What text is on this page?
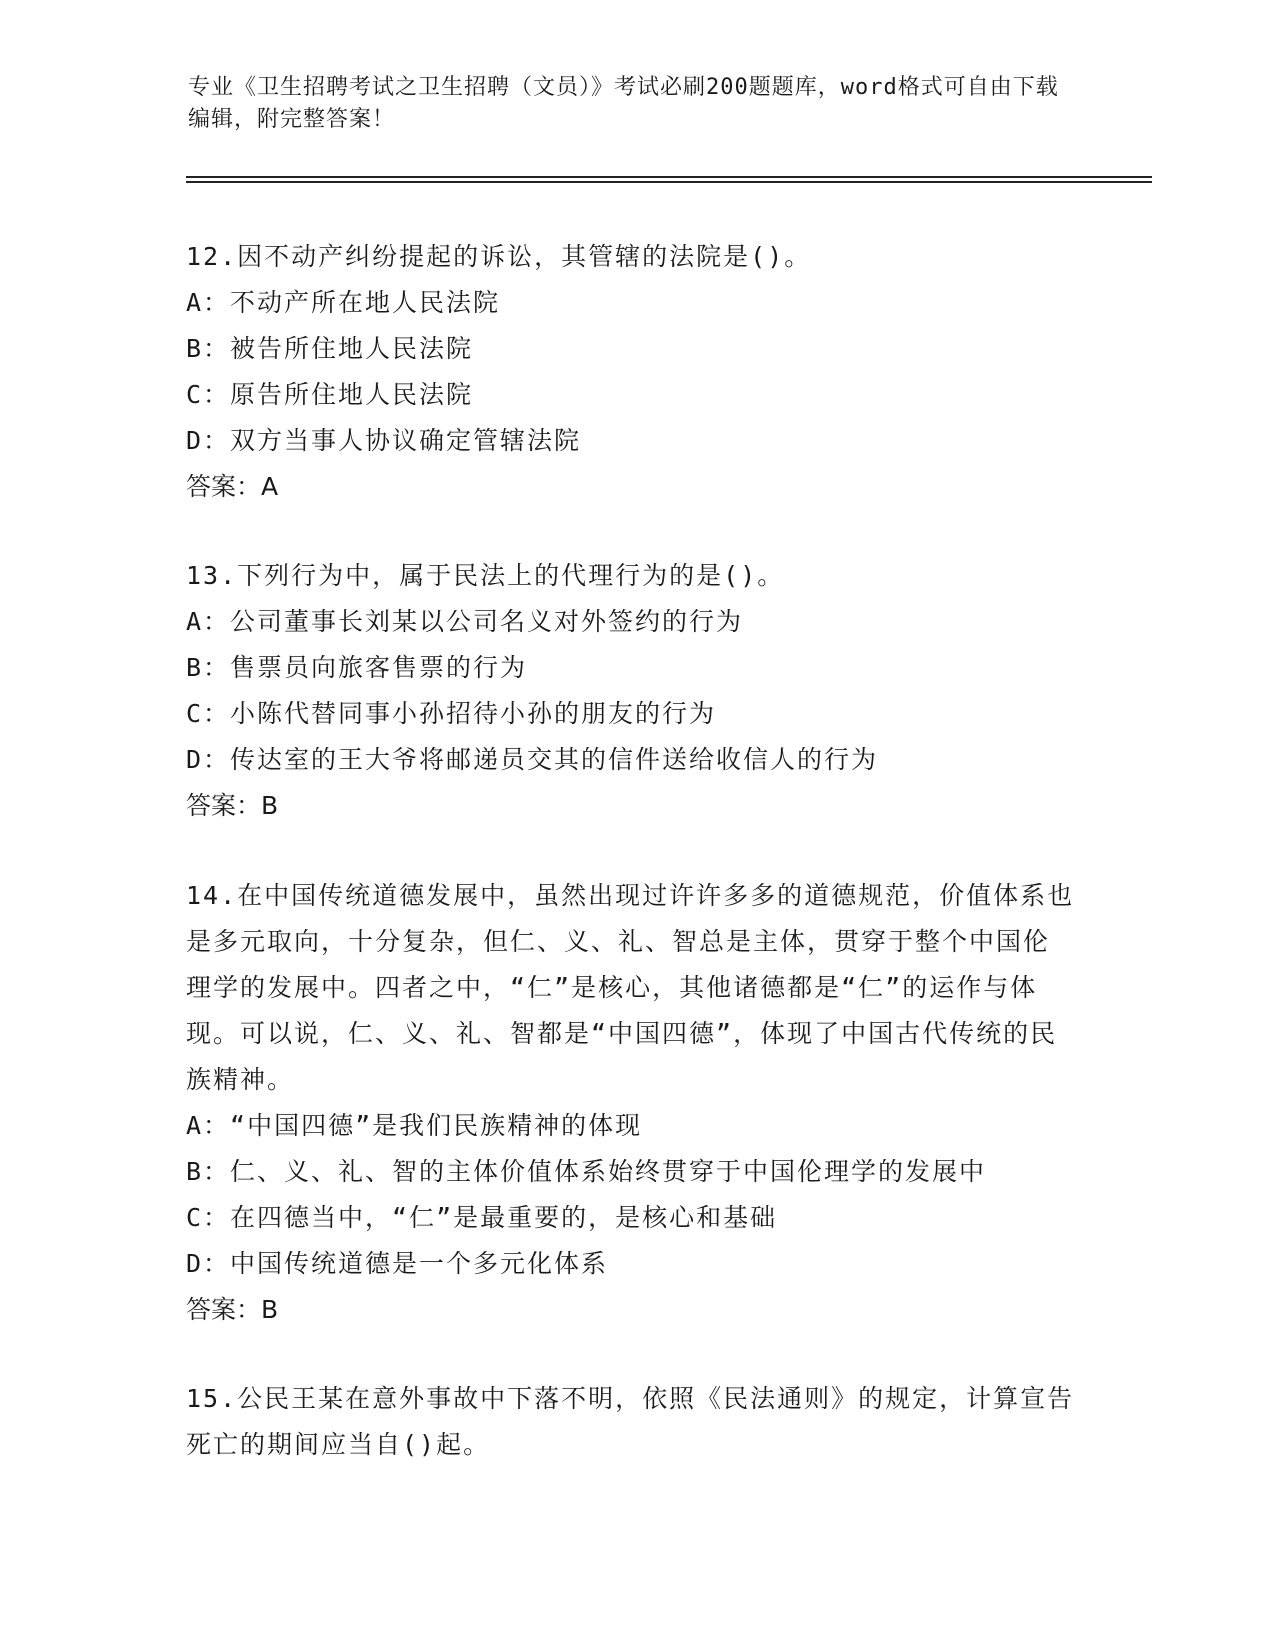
专业《卫生招聘考试之卫生招聘（文员）》考试必刷200题题库，word格式可自由下载编辑，附完整答案！
12.因不动产纠纷提起的诉讼，其管辖的法院是()。
A：不动产所在地人民法院
B：被告所住地人民法院
C：原告所住地人民法院
D：双方当事人协议确定管辖法院
答案：A
13.下列行为中，属于民法上的代理行为的是()。
A：公司董事长刘某以公司名义对外签约的行为
B：售票员向旅客售票的行为
C：小陈代替同事小孙招待小孙的朋友的行为
D：传达室的王大爷将邮递员交其的信件送给收信人的行为
答案：B
14.在中国传统道德发展中，虽然出现过许许多多的道德规范，价值体系也是多元取向，十分复杂，但仁、义、礼、智总是主体，贯穿于整个中国伦理学的发展中。四者之中，“仁”是核心，其他诸德都是“仁”的运作与体现。可以说，仁、义、礼、智都是“中国四德”，体现了中国古代传统的民族精神。
A：“中国四德”是我们民族精神的体现
B：仁、义、礼、智的主体价值体系始终贯穿于中国伦理学的发展中
C：在四德当中，“仁”是最重要的，是核心和基础
D：中国传统道德是一个多元化体系
答案：B
15.公民王某在意外事故中下落不明，依照《民法通则》的规定，计算宣告死亡的期间应当自()起。
